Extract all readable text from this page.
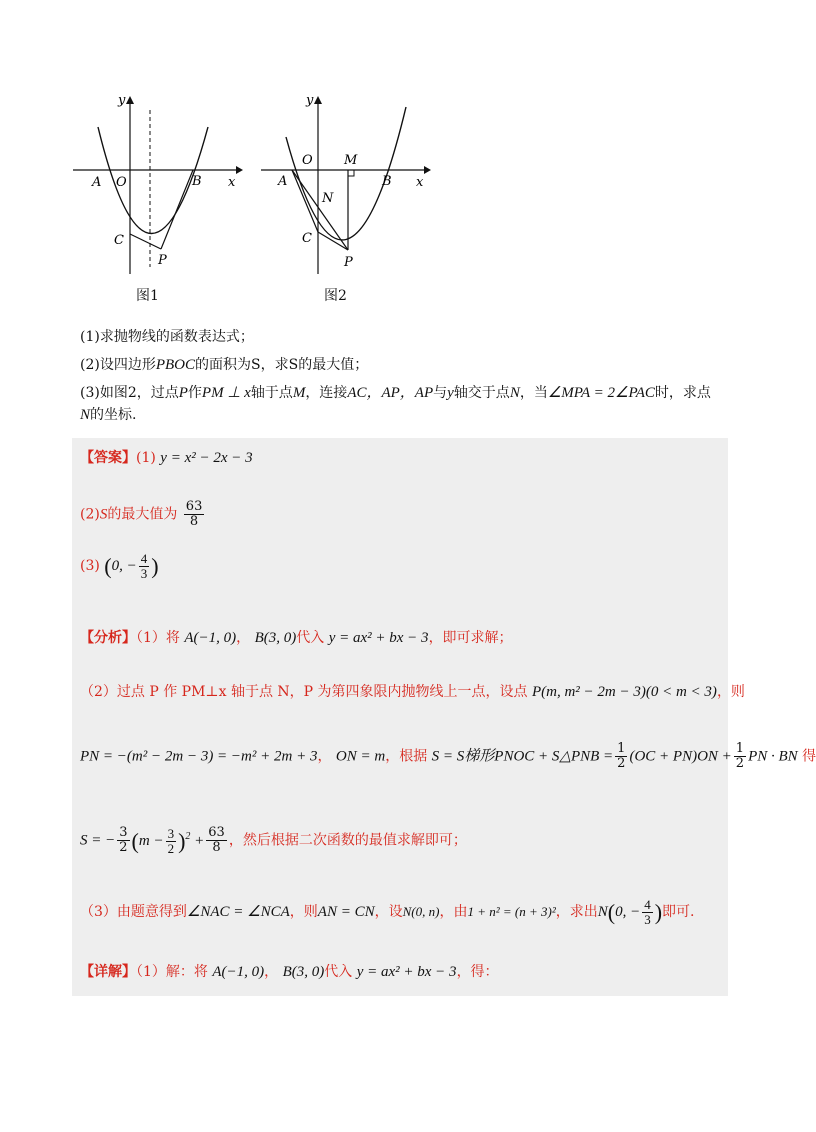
y
x
O
A	B
C
P
图1
y
x
O M
A	B
N
C
P
图2
(1)求抛物线的函数表达式；
(2)设四边形PBOC的面积为S，求S的最大值；
(3)如图2，过点P作PM ⊥ x轴于点M，连接AC，AP，AP与y轴交于点N，当∠MPA = 2∠PAC时，求点
N的坐标.
【答案】(1) y = x² − 2x − 3
(2)S的最大值为 $\frac{63}{8}$
(3) (0, − $\frac{4}{3}$ )
【分析】（1）将 A(−1, 0)， B(3, 0)代入 y = ax² + bx − 3，即可求解；
（2）过点 P 作 PM⊥x 轴于点 N，P 为第四象限内抛物线上一点，设点 P(m, m² − 2m − 3)(0 < m < 3)，则
PN = −(m² − 2m − 3) = −m² + 2m + 3， ON = m，根据 S = S梯形PNOC + S△PNB = $\frac{1}{2} (OC + PN)ON + \frac{1}{2}$ PN · BN 得
S = − $\frac{3}{2} (m - \frac{3}{2} )^2 + \frac{63}{8}$ ，然后根据二次函数的最值求解即可；
（3）由题意得到∠NAC = ∠NCA，则AN = CN，设N(0, n)，由1 + n² = (n + 3)²，求出N(0, − $\frac{4}{3}$ )即可.
【详解】（1）解：将 A(−1, 0)， B(3, 0)代入 y = ax² + bx − 3，得：
